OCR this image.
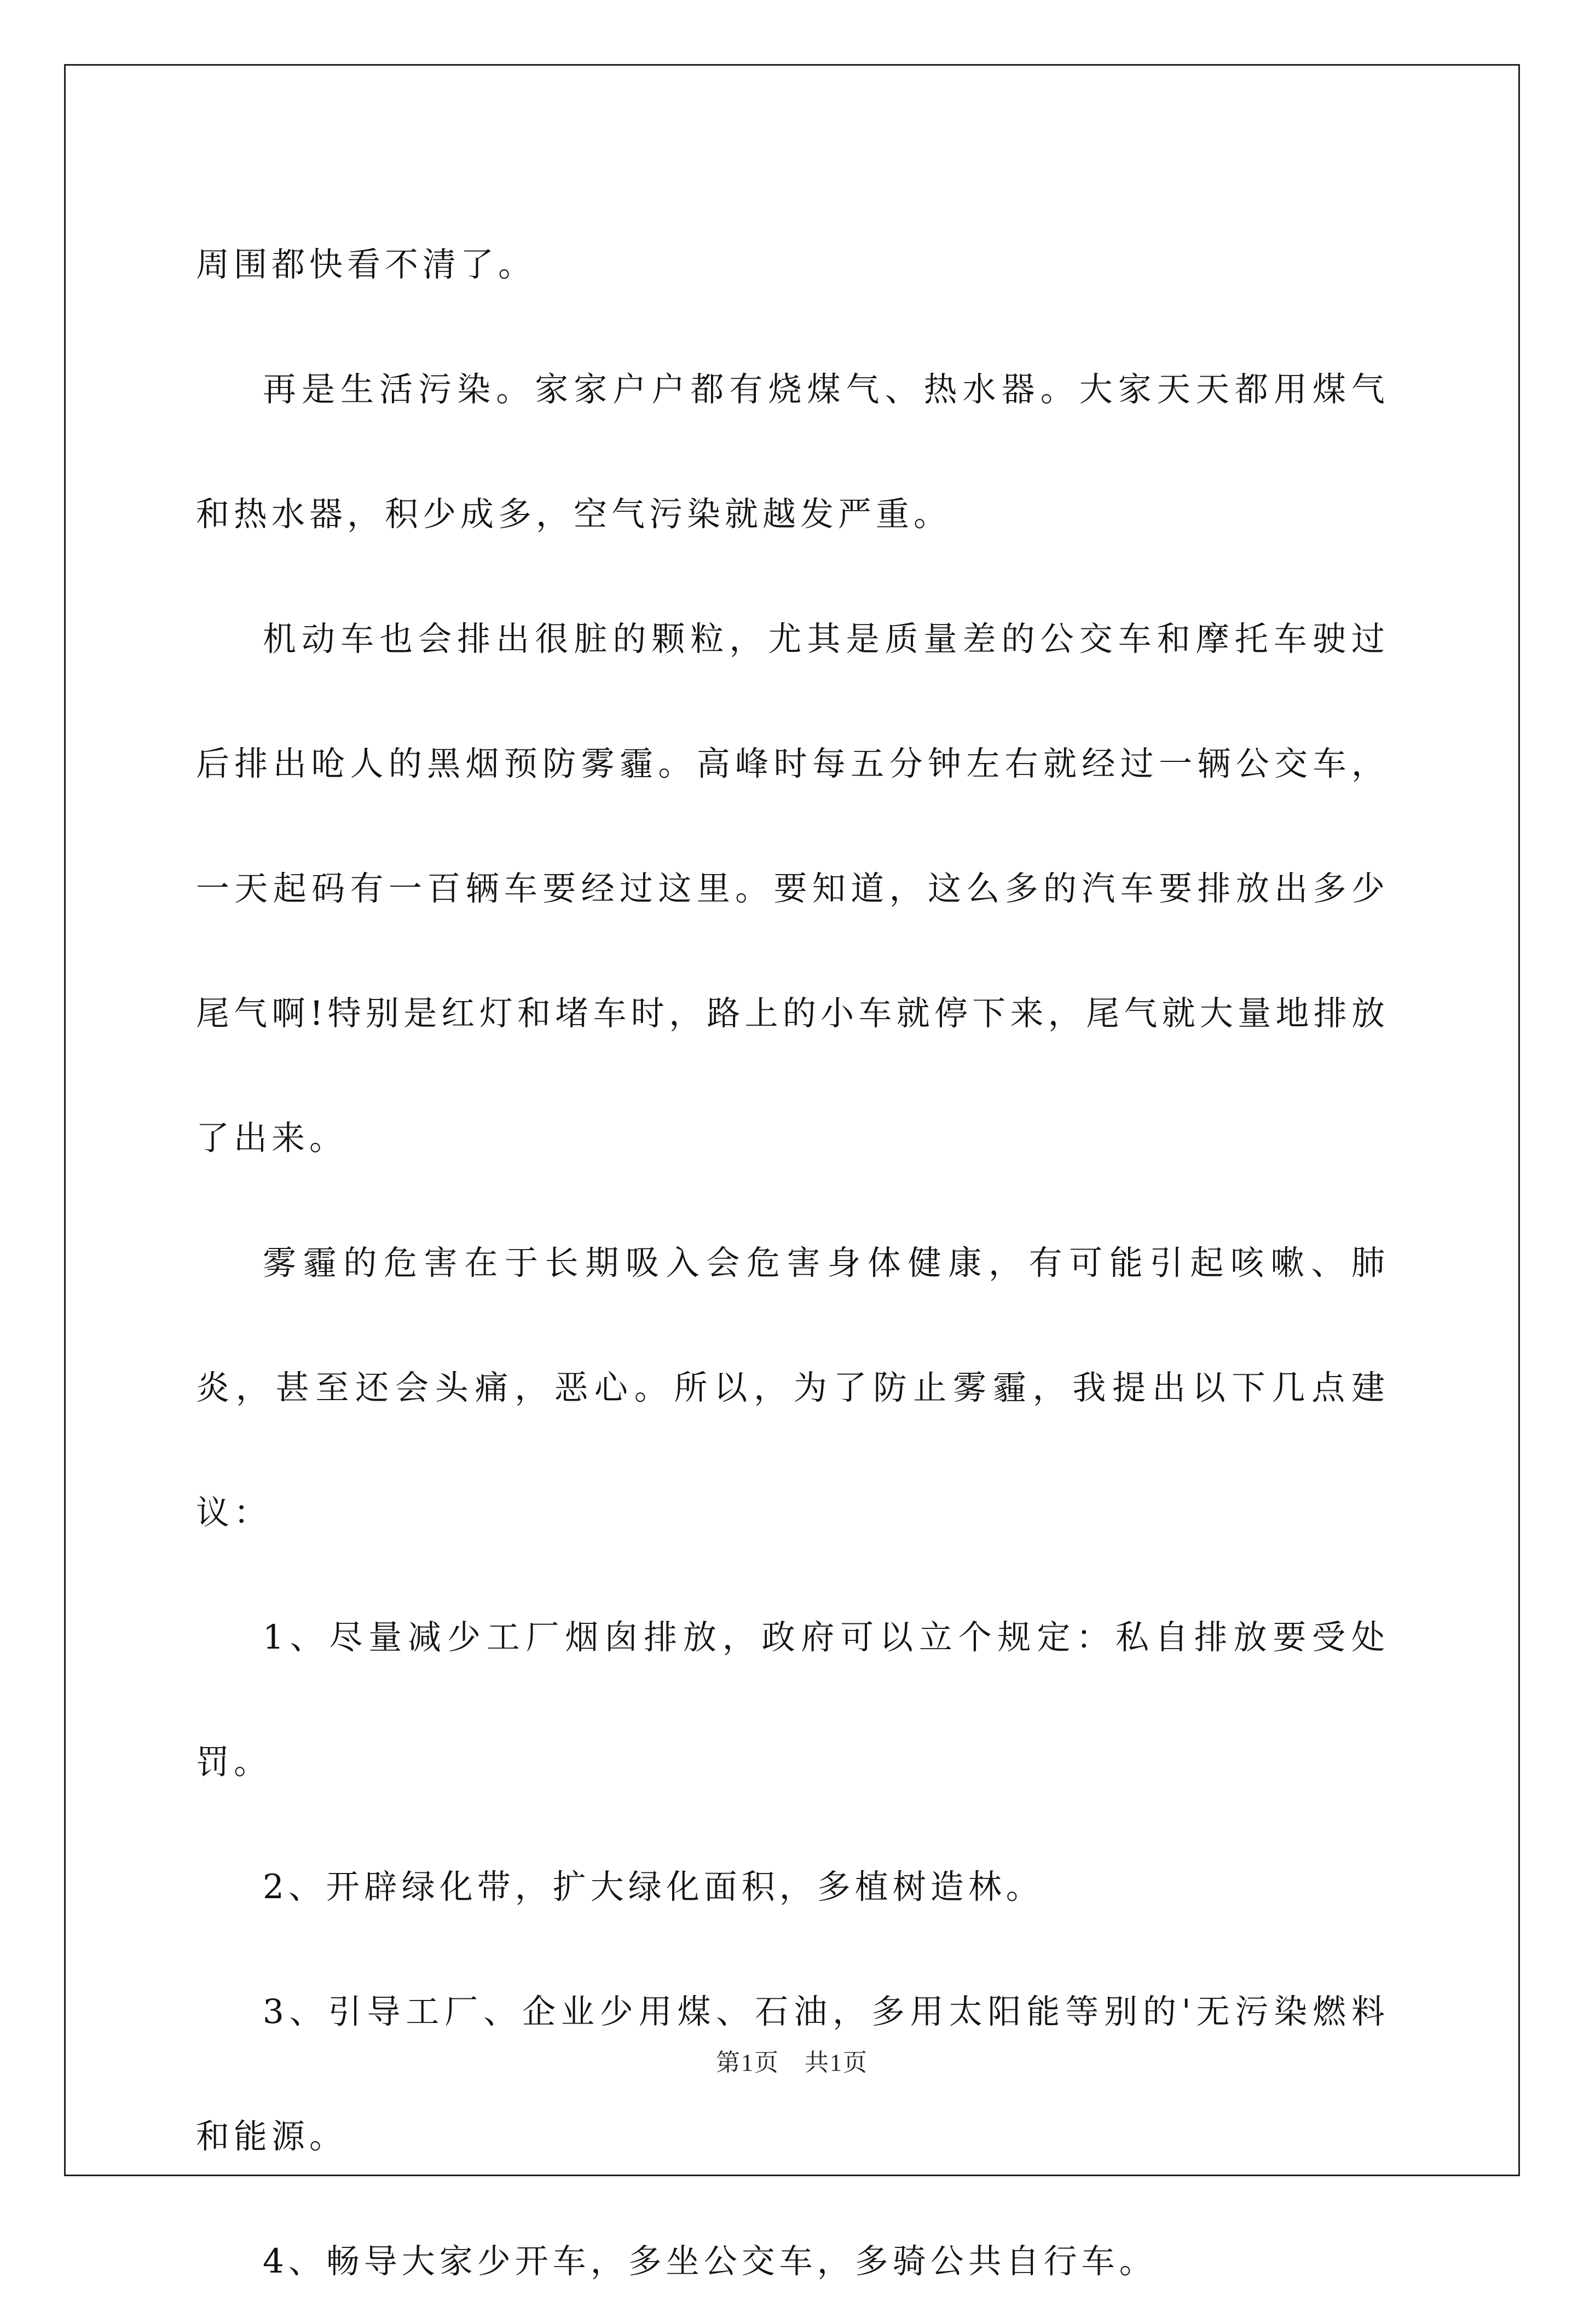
周围都快看不清了。

再是生活污染。家家户户都有烧煤气、热水器。大家天天都用煤气和热水器，积少成多，空气污染就越发严重。

机动车也会排出很脏的颗粒，尤其是质量差的公交车和摩托车驶过后排出呛人的黑烟预防雾霾。高峰时每五分钟左右就经过一辆公交车，一天起码有一百辆车要经过这里。要知道，这么多的汽车要排放出多少尾气啊!特别是红灯和堵车时，路上的小车就停下来，尾气就大量地排放了出来。

雾霾的危害在于长期吸入会危害身体健康，有可能引起咳嗽、肺炎，甚至还会头痛，恶心。所以，为了防止雾霾，我提出以下几点建议：

1、尽量减少工厂烟囱排放，政府可以立个规定：私自排放要受处罚。

2、开辟绿化带，扩大绿化面积，多植树造林。

3、引导工厂、企业少用煤、石油，多用太阳能等别的'无污染燃料和能源。

4、畅导大家少开车，多坐公交车，多骑公共自行车。

第1页　共1页
